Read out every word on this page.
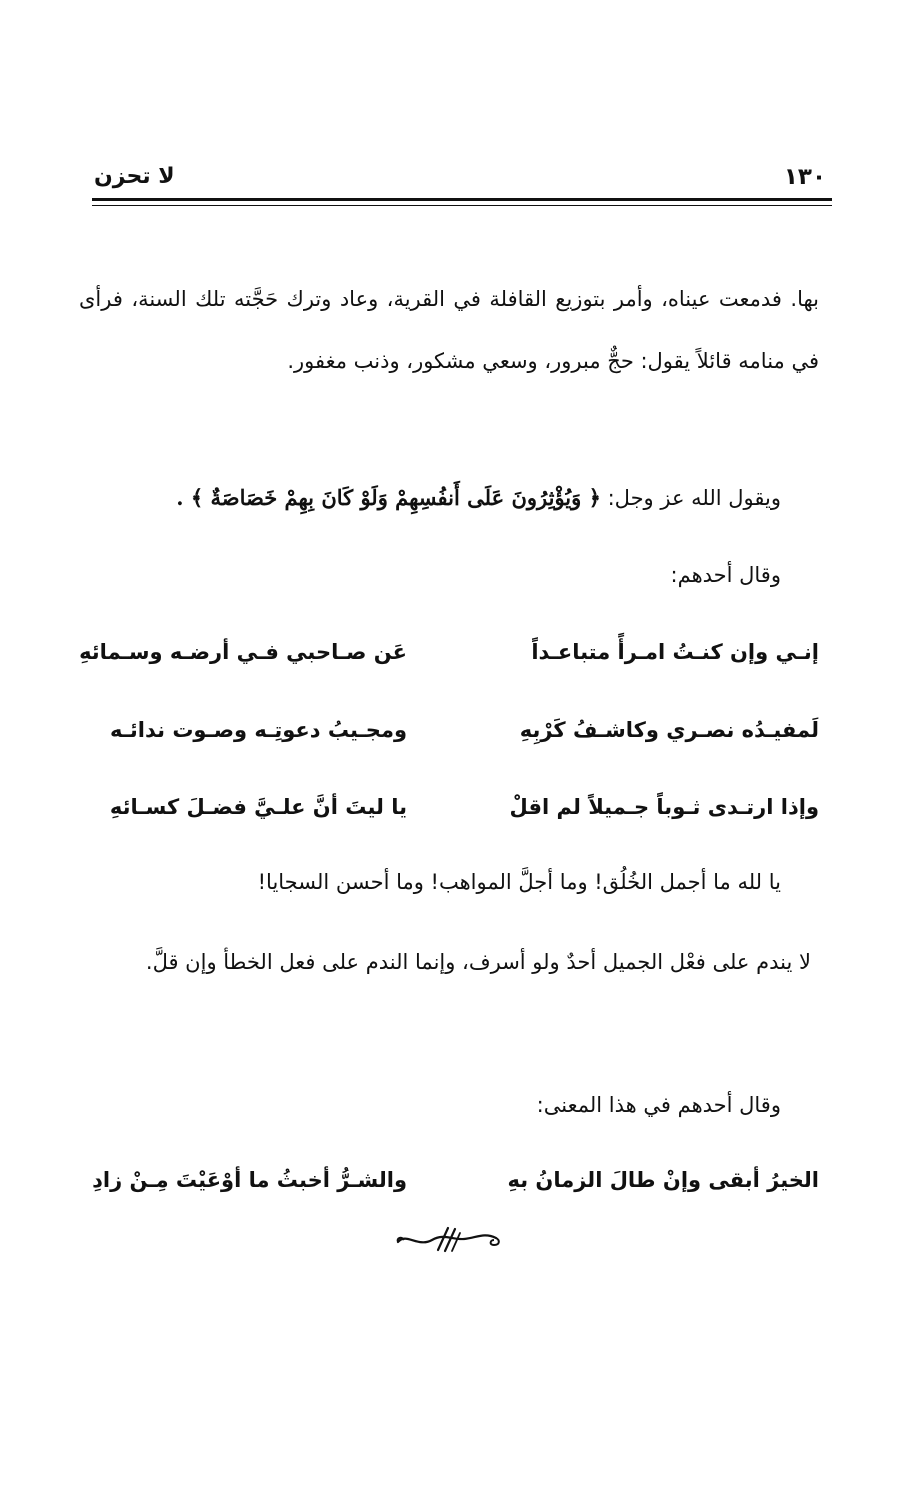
١٣٠
لا تحزن
بها. فدمعت عيناه، وأمر بتوزيع القافلة في القرية، وعاد وترك حَجَّته تلك السنة، فرأى في منامه قائلاً يقول: حجٌّ مبرور، وسعي مشكور، وذنب مغفور.
ويقول الله عز وجل: ﴿ وَيُؤْثِرُونَ عَلَى أَنفُسِهِمْ وَلَوْ كَانَ بِهِمْ خَصَاصَةٌ ﴾ .
وقال أحدهم:
إنـي وإن كنـتُ امـرأً متباعـداً
عَن صـاحبي فـي أرضـه وسـمائهِ
لَمفيـدُه نصـري وكاشـفُ كَرْبِهِ
ومجـيبُ دعوتِـه وصـوت ندائـه
وإذا ارتـدى ثـوباً جـميلاً لم اقلْ
يا ليتَ أنَّ علـيَّ فضـلَ كسـائهِ
يا لله ما أجمل الخُلُق! وما أجلَّ المواهب! وما أحسن السجايا!
لا يندم على فعْل الجميل أحدٌ ولو أسرف، وإنما الندم على فعل الخطأ وإن قلَّ.
وقال أحدهم في هذا المعنى:
الخيرُ أبقى وإنْ طالَ الزمانُ بهِ
والشـرُّ أخبثُ ما أوْعَيْتَ مِـنْ زادِ
